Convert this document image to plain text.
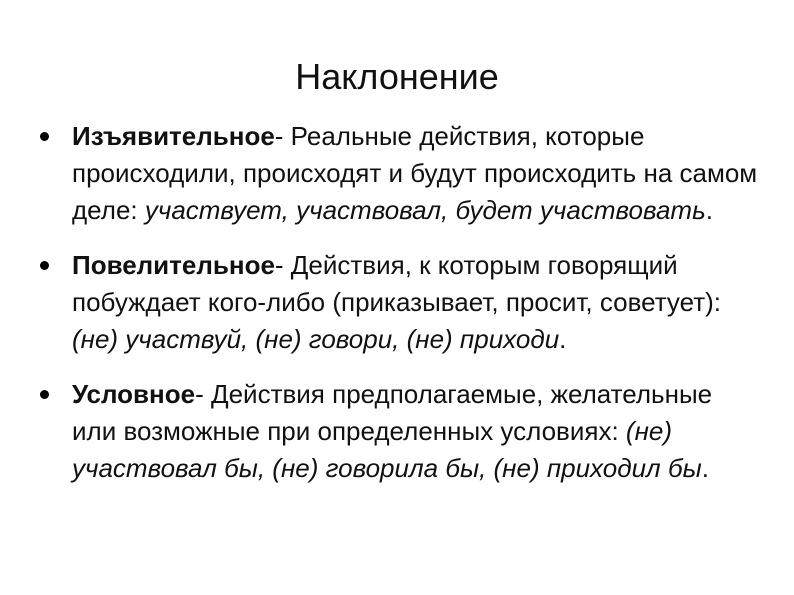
Наклонение
Изъявительное- Реальные действия, которые происходили, происходят и будут происходить на самом деле: участвует, участвовал, будет участвовать.
Повелительное- Действия, к которым говорящий побуждает кого-либо (приказывает, просит, советует): (не) участвуй, (не) говори, (не) приходи.
Условное- Действия предполагаемые, желательные или возможные при определенных условиях: (не) участвовал бы, (не) говорила бы, (не) приходил бы.
